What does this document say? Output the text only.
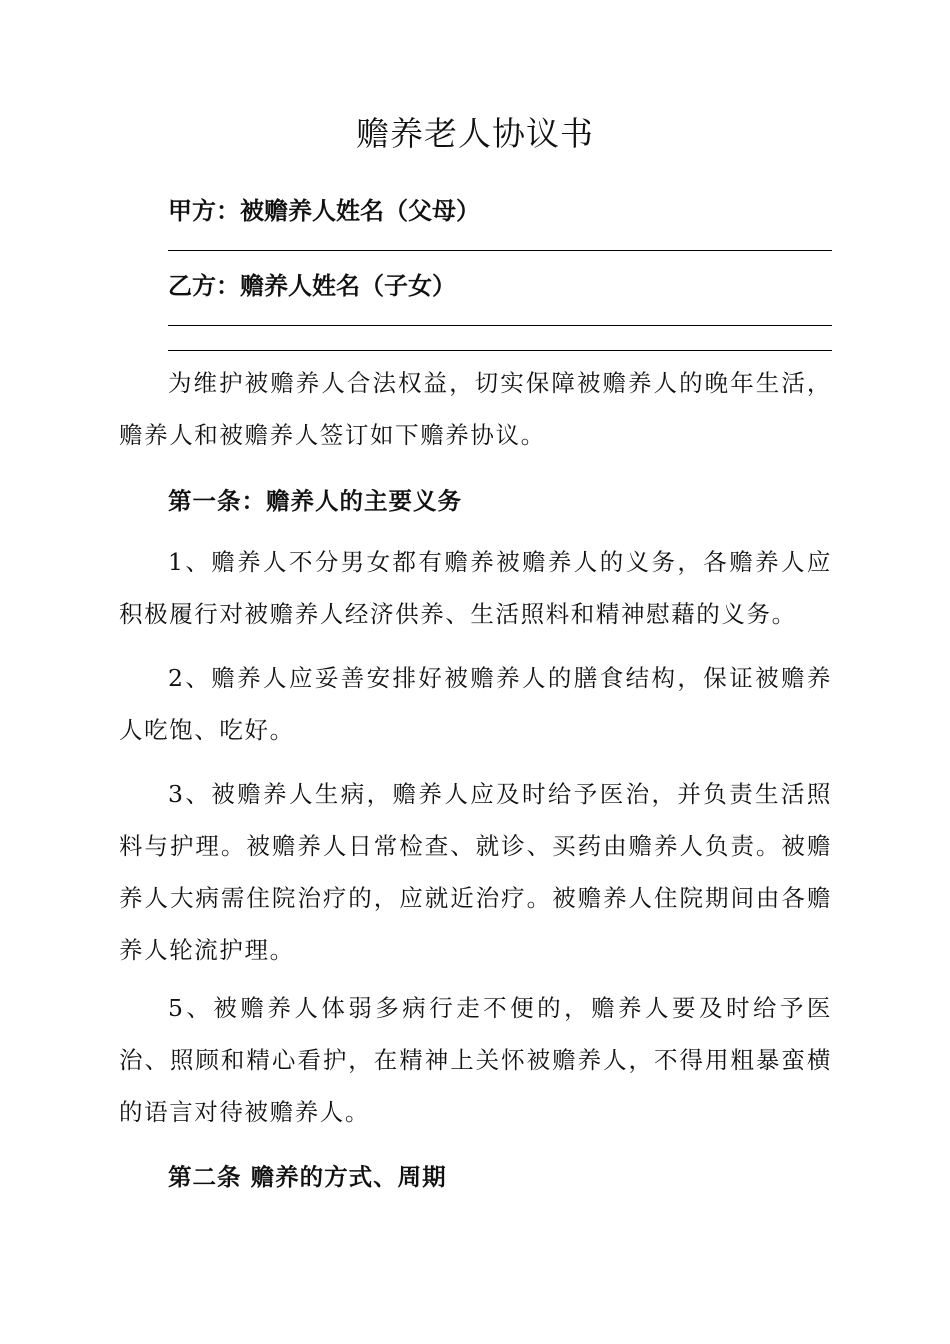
赡养老人协议书
甲方：被赡养人姓名（父母）
乙方：赡养人姓名（子女）
为维护被赡养人合法权益，切实保障被赡养人的晚年生活，赡养人和被赡养人签订如下赡养协议。
第一条：赡养人的主要义务
1、赡养人不分男女都有赡养被赡养人的义务，各赡养人应积极履行对被赡养人经济供养、生活照料和精神慰藉的义务。
2、赡养人应妥善安排好被赡养人的膳食结构，保证被赡养人吃饱、吃好。
3、被赡养人生病，赡养人应及时给予医治，并负责生活照料与护理。被赡养人日常检查、就诊、买药由赡养人负责。被赡养人大病需住院治疗的，应就近治疗。被赡养人住院期间由各赡养人轮流护理。
5、被赡养人体弱多病行走不便的，赡养人要及时给予医治、照顾和精心看护，在精神上关怀被赡养人，不得用粗暴蛮横的语言对待被赡养人。
第二条 赡养的方式、周期
